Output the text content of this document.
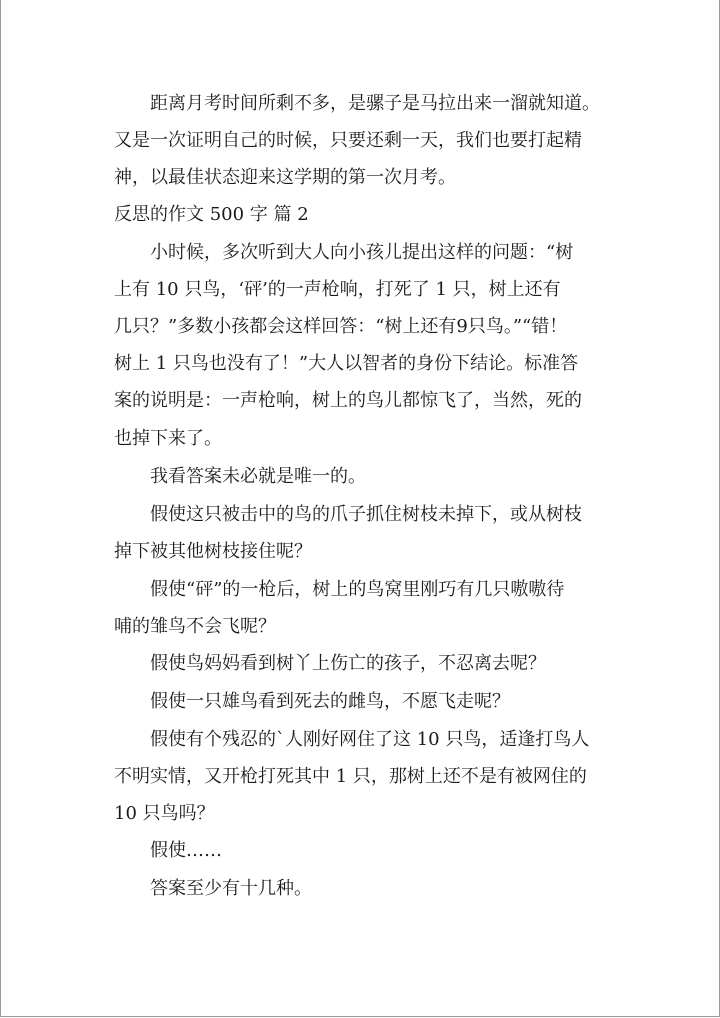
距离月考时间所剩不多，是骡子是马拉出来一溜就知道。
又是一次证明自己的时候，只要还剩一天，我们也要打起精
神，以最佳状态迎来这学期的第一次月考。
反思的作文 500 字 篇 2
小时候，多次听到大人向小孩儿提出这样的问题：“树
上有 10 只鸟，‘砰’的一声枪响，打死了 1 只，树上还有
几只？”多数小孩都会这样回答：“树上还有9只鸟。”“错！
树上 1 只鸟也没有了！”大人以智者的身份下结论。标准答
案的说明是：一声枪响，树上的鸟儿都惊飞了，当然，死的
也掉下来了。
我看答案未必就是唯一的。
假使这只被击中的鸟的爪子抓住树枝未掉下，或从树枝
掉下被其他树枝接住呢？
假使“砰”的一枪后，树上的鸟窝里刚巧有几只嗷嗷待
哺的雏鸟不会飞呢？
假使鸟妈妈看到树丫上伤亡的孩子，不忍离去呢？
假使一只雄鸟看到死去的雌鸟，不愿飞走呢？
假使有个残忍的`人刚好网住了这 10 只鸟，适逢打鸟人
不明实情，又开枪打死其中 1 只，那树上还不是有被网住的
10 只鸟吗？
假使……
答案至少有十几种。
